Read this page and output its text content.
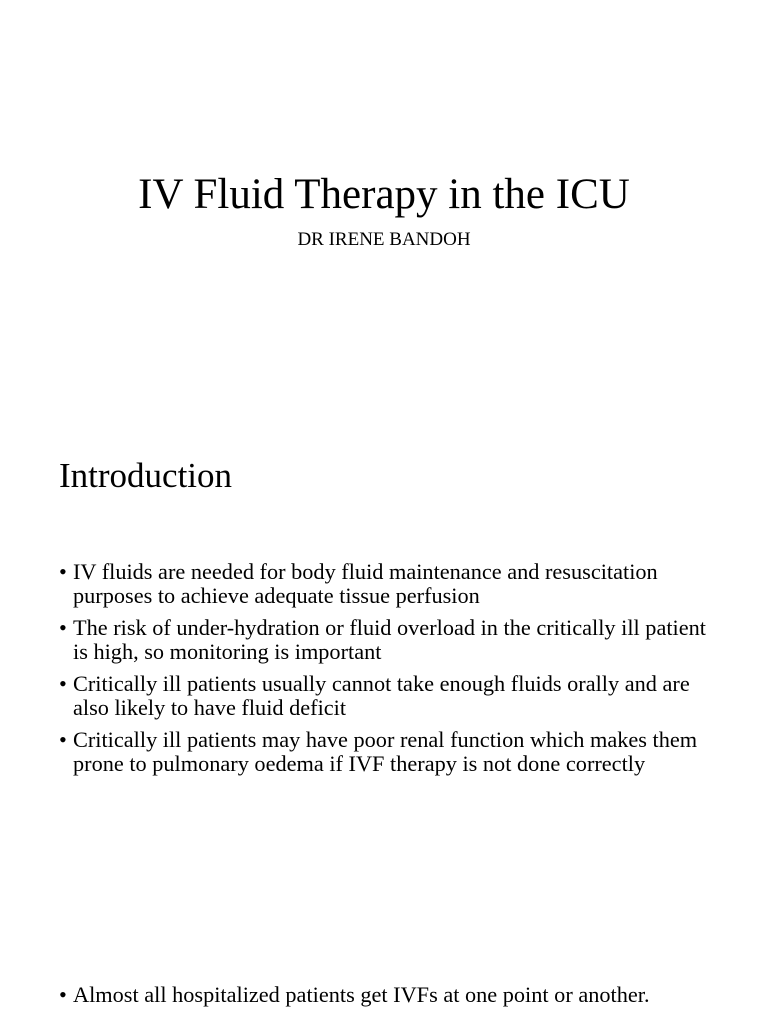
IV Fluid Therapy in the ICU
DR IRENE BANDOH
Introduction
•
IV fluids are needed for body fluid maintenance and resuscitation purposes to achieve adequate tissue perfusion
•
The risk of under-hydration or fluid overload in the critically ill patient is high, so monitoring is important
•
Critically ill patients usually cannot take enough fluids orally and are also likely to have fluid deficit
•
Critically ill patients may have poor renal function which makes them prone to pulmonary oedema if IVF therapy is not done correctly
•
Almost all hospitalized patients get IVFs at one point or another.
